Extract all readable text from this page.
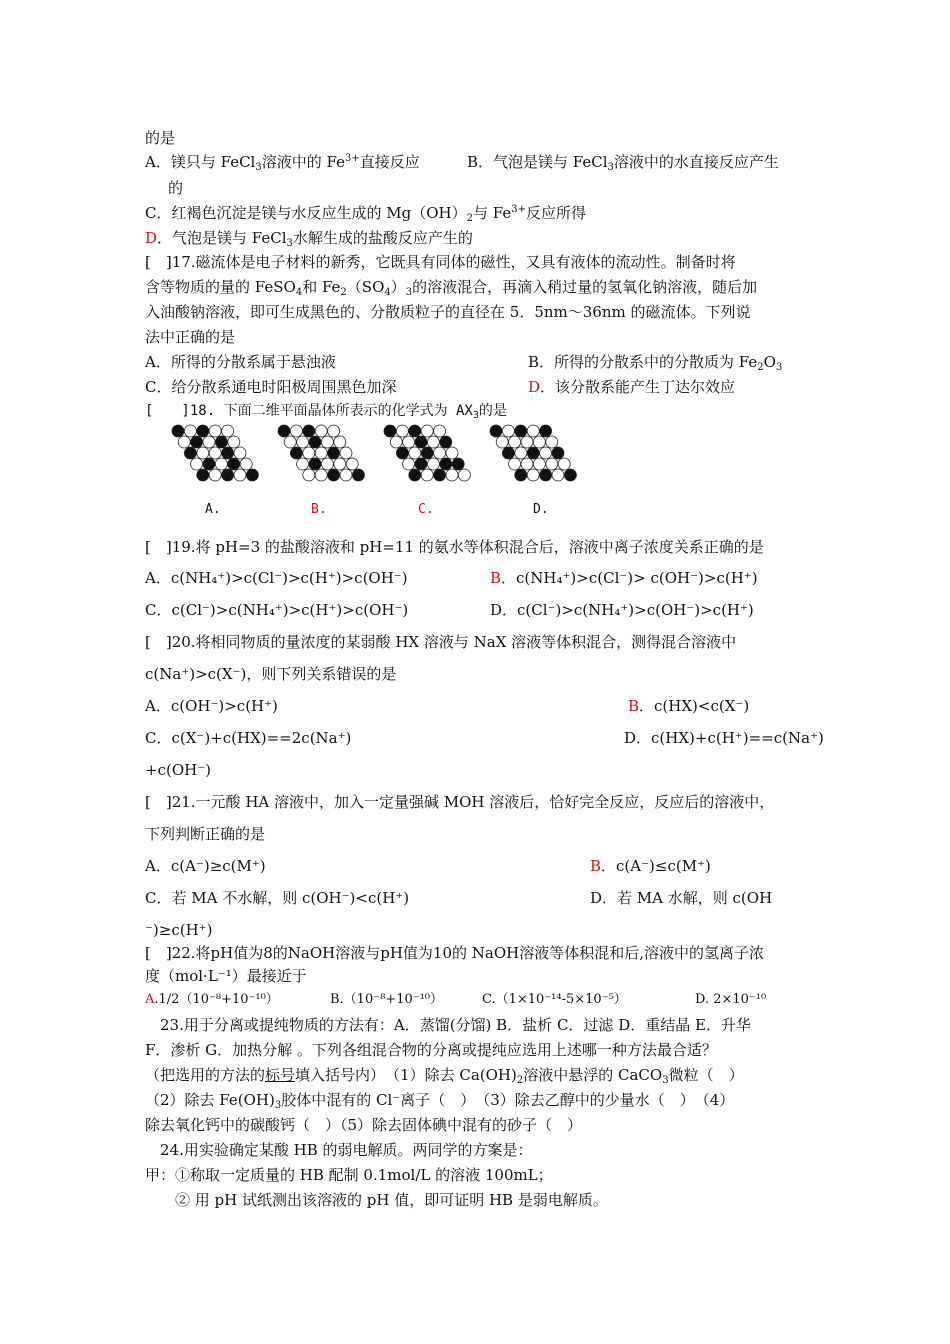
的是
A．镁只与 FeCl$_3$溶液中的 $Fe^{3+}$直接反应	B．气泡是镁与 FeCl$_3$溶液中的水直接反应产生
的
C．红褐色沉淀是镁与水反应生成的 $Mg(OH)_2$与 $Fe^{3+}$反应所得
D．气泡是镁与 FeCl$_3$水解生成的盐酸反应产生的
[　]17.磁流体是电子材料的新秀，它既具有同体的磁性，又具有液体的流动性。制备时将
含等物质的量的 FeSO$_4$和 $Fe_2(SO_4)_3$的溶液混合，再滴入稍过量的氢氧化钠溶液，随后加
入油酸钠溶液，即可生成黑色的、分散质粒子的直径在 5．5nm～36nm 的磁流体。下列说
法中正确的是
A．所得的分散系属于悬浊液	B．所得的分散系中的分散质为 $Fe_2O_3$
C．给分散系通电时阳极周围黑色加深	D．该分散系能产生丁达尔效应
[　　]18. 下面二维平面晶体所表示的化学式为 $AX_3$的是
A.	B.	C.	D.
[　]19.将 pH=3 的盐酸溶液和 pH=11 的氨水等体积混合后，溶液中离子浓度关系正确的是
A．c(NH₄⁺)>c(Cl⁻)>c(H⁺)>c(OH⁻)	B．c(NH₄⁺)>c(Cl⁻)> c(OH⁻)>c(H⁺)
C．c(Cl⁻)>c(NH₄⁺)>c(H⁺)>c(OH⁻)	D．c(Cl⁻)>c(NH₄⁺)>c(OH⁻)>c(H⁺)
[　]20.将相同物质的量浓度的某弱酸 HX 溶液与 NaX 溶液等体积混合，测得混合溶液中
c(Na⁺)>c(X⁻)，则下列关系错误的是
A．c(OH⁻)>c(H⁺)	B．c(HX)<c(X⁻)
C．c(X⁻)+c(HX)==2c(Na⁺)	D．c(HX)+c(H⁺)==c(Na⁺)
+c(OH⁻)
[　]21.一元酸 HA 溶液中，加入一定量强碱 MOH 溶液后，恰好完全反应，反应后的溶液中，
下列判断正确的是
A．c(A⁻)≥c(M⁺)	B．c(A⁻)≤c(M⁺)
C．若 MA 不水解，则 c(OH⁻)<c(H⁺)	D．若 MA 水解，则 c(OH
⁻)≥c(H⁺)
[　]22.将pH值为8的NaOH溶液与pH值为10的 NaOH溶液等体积混和后,溶液中的氢离子浓
度（mol·L⁻¹）最接近于
A.1/2（10⁻⁸+10⁻¹⁰）	B.（10⁻⁸+10⁻¹⁰）	C.（1×10⁻¹⁴-5×10⁻⁵）	D. 2×10⁻¹⁰
23.用于分离或提纯物质的方法有：A．蒸馏(分馏) B．盐析 C．过滤 D．重结晶 E．升华
F．渗析 G．加热分解 。下列各组混合物的分离或提纯应选用上述哪一种方法最合适？
（把选用的方法的标号填入括号内）　（1）除去 $Ca(OH)_2$溶液中悬浮的 CaCO$_3$微粒（　）
（2）除去 $Fe(OH)_3$胶体中混有的 Cl⁻离子（　）　（3）除去乙醇中的少量水（　）　（4）
除去氧化钙中的碳酸钙（　）（5）除去固体碘中混有的砂子（　）
24.用实验确定某酸 HB 的弱电解质。两同学的方案是：
甲：①称取一定质量的 HB 配制 0.1mol/L 的溶液 100mL；
② 用 pH 试纸测出该溶液的 pH 值，即可证明 HB 是弱电解质。
